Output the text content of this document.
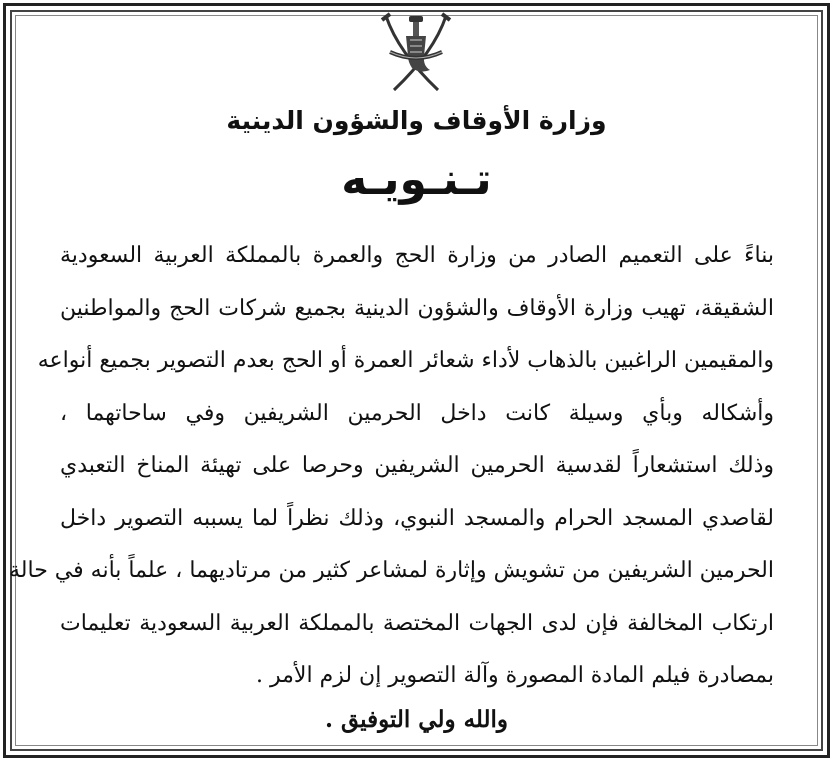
وزارة الأوقاف والشؤون الدينية
تـنـويـه
بناءً على التعميم الصادر من وزارة الحج والعمرة بالمملكة العربية السعودية
الشقيقة، تهيب وزارة الأوقاف والشؤون الدينية بجميع شركات الحج والمواطنين
والمقيمين الراغبين بالذهاب لأداء شعائر العمرة أو الحج بعدم التصوير بجميع أنواعه
وأشكاله وبأي وسيلة كانت داخل الحرمين الشريفين وفي ساحاتهما ،
وذلك استشعاراً لقدسية الحرمين الشريفين وحرصا على تهيئة المناخ التعبدي
لقاصدي المسجد الحرام والمسجد النبوي، وذلك نظراً لما يسببه التصوير داخل
الحرمين الشريفين من تشويش وإثارة لمشاعر كثير من مرتاديهما ، علماً بأنه في حالة
ارتكاب المخالفة فإن لدى الجهات المختصة بالمملكة العربية السعودية تعليمات
بمصادرة فيلم المادة المصورة وآلة التصوير إن لزم الأمر .
والله ولي التوفيق .
